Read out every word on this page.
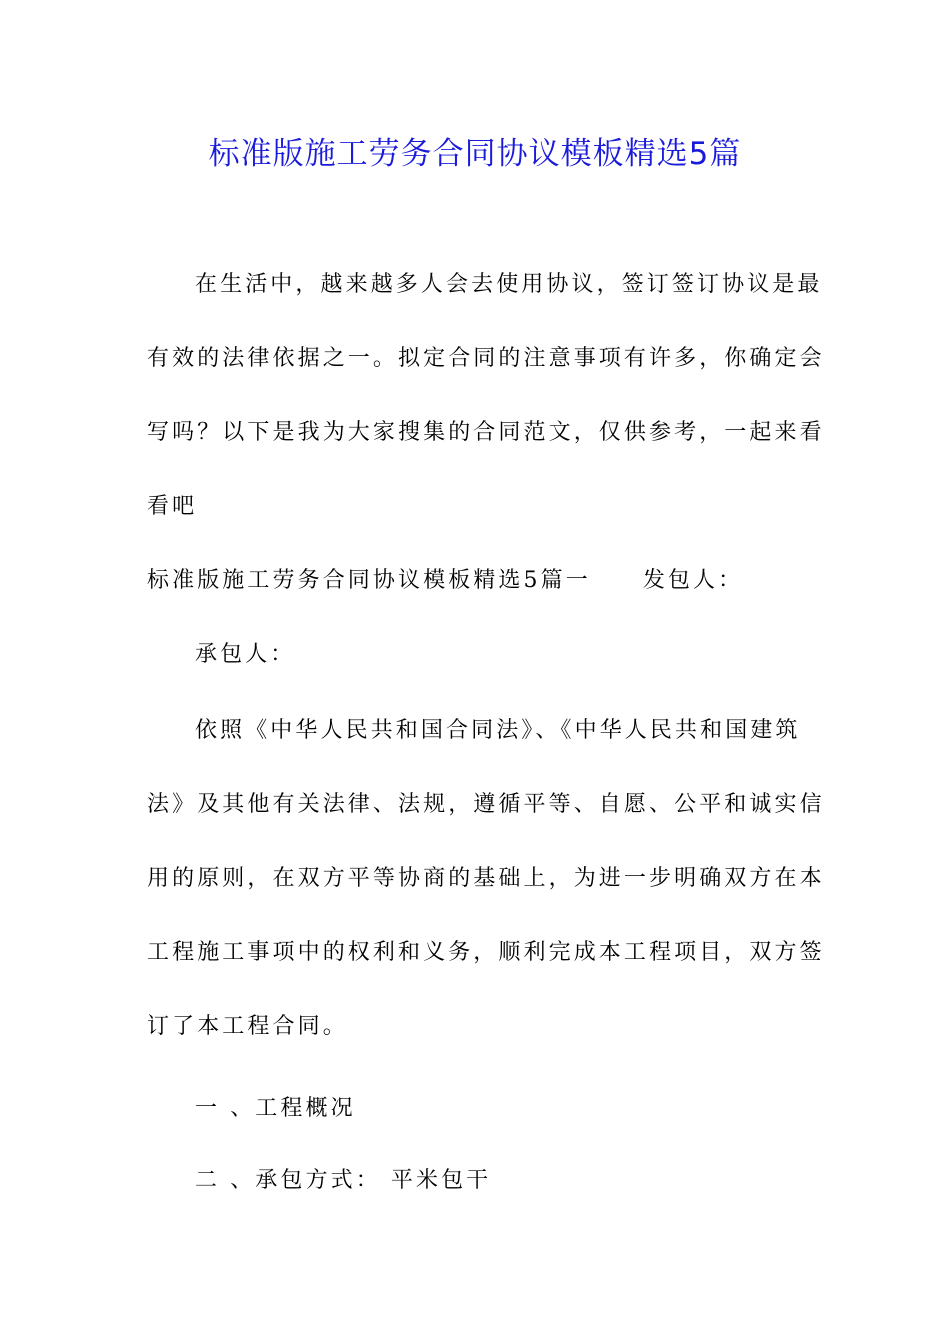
标准版施工劳务合同协议模板精选5篇
在生活中，越来越多人会去使用协议，签订签订协议是最
有效的法律依据之一。拟定合同的注意事项有许多，你确定会
写吗？以下是我为大家搜集的合同范文，仅供参考，一起来看
看吧
标准版施工劳务合同协议模板精选5篇一 发包人：
承包人：
依照《中华人民共和国合同法》、《中华人民共和国建筑
法》及其他有关法律、法规，遵循平等、自愿、公平和诚实信
用的原则，在双方平等协商的基础上，为进一步明确双方在本
工程施工事项中的权利和义务，顺利完成本工程项目，双方签
订了本工程合同。
一 、工程概况
二 、承包方式： 平米包干
